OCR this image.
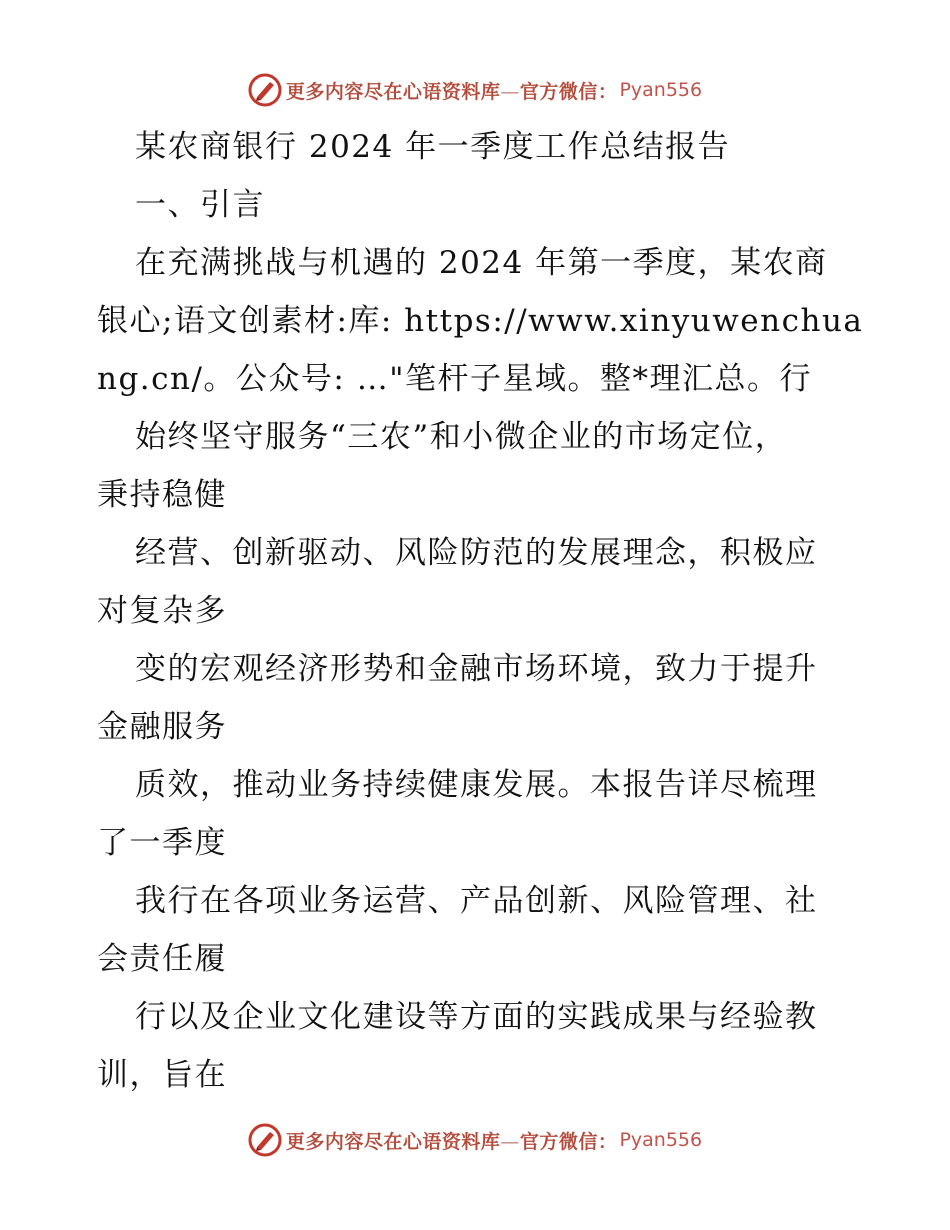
更多内容尽在心语资料库—官方微信： Pyan556
某农商银行 2024 年一季度工作总结报告
一、引言
在充满挑战与机遇的 2024 年第一季度，某农商
银心;语文创素材:库: https://www.xinyuwenchua
ng.cn/。公众号: …"笔杆子星域。整*理汇总。行
始终坚守服务“三农”和小微企业的市场定位，
秉持稳健
经营、创新驱动、风险防范的发展理念，积极应
对复杂多
变的宏观经济形势和金融市场环境，致力于提升
金融服务
质效，推动业务持续健康发展。本报告详尽梳理
了一季度
我行在各项业务运营、产品创新、风险管理、社
会责任履
行以及企业文化建设等方面的实践成果与经验教
训，旨在
更多内容尽在心语资料库—官方微信： Pyan556
